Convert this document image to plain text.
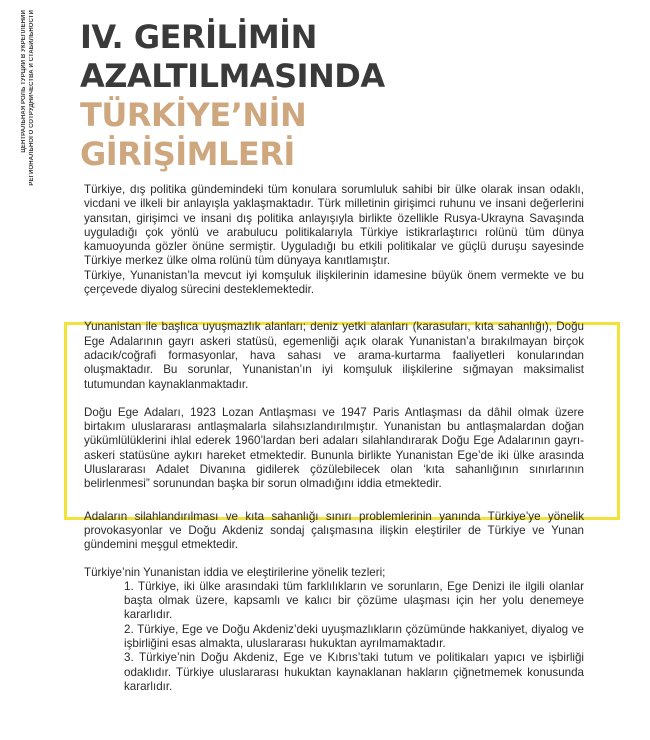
ЦЕНТРАЛЬНАЯ РОЛЬ ТУРЦИИ В УКРЕПЛЕНИИ РЕГИОНАЛЬНОГО СОТРУДНИЧЕСТВА И СТАБИЛЬНОСТИ IV. GERİLİMİN
AZALTILMASINDA
TÜRKİYE’NİN
GİRİŞİMLERİ

Türkiye, dış politika gündemindeki tüm konulara sorumluluk sahibi bir ülke olarak insan odaklı, vicdani ve ilkeli bir anlayışla yaklaşmaktadır. Türk milletinin girişimci ruhunu ve insani değerlerini yansıtan, girişimci ve insani dış politika anlayışıyla birlikte özellikle Rusya-Ukrayna Savaşında uyguladığı çok yönlü ve arabulucu politikalarıyla Türkiye istikrarlaştırıcı rolünü tüm dünya kamuoyunda gözler önüne sermiştir. Uyguladığı bu etkili politikalar ve güçlü duruşu sayesinde Türkiye merkez ülke olma rolünü tüm dünyaya kanıtlamıştır.

Türkiye, Yunanistan’la mevcut iyi komşuluk ilişkilerinin idamesine büyük önem vermekte ve bu çerçevede diyalog sürecini desteklemektedir.

Yunanistan ile başlıca uyuşmazlık alanları; deniz yetki alanları (karasuları, kıta sahanlığı), Doğu Ege Adalarının gayrı askeri statüsü, egemenliği açık olarak Yunanistan’a bırakılmayan birçok adacık/coğrafi formasyonlar, hava sahası ve arama-kurtarma faaliyetleri konularından oluşmaktadır. Bu sorunlar, Yunanistan’ın iyi komşuluk ilişkilerine sığmayan maksimalist tutumundan kaynaklanmaktadır.

Doğu Ege Adaları, 1923 Lozan Antlaşması ve 1947 Paris Antlaşması da dâhil olmak üzere birtakım uluslararası antlaşmalarla silahsızlandırılmıştır. Yunanistan bu antlaşmalardan doğan yükümlülüklerini ihlal ederek 1960’lardan beri adaları silahlandırarak Doğu Ege Adalarının gayrı-askeri statüsüne aykırı hareket etmektedir. Bununla birlikte Yunanistan Ege’de iki ülke arasında Uluslararası Adalet Divanına gidilerek çözülebilecek olan ‘kıta sahanlığının sınırlarının belirlenmesi” sorunundan başka bir sorun olmadığını iddia etmektedir.

Adaların silahlandırılması ve kıta sahanlığı sınırı problemlerinin yanında Türkiye’ye yönelik provokasyonlar ve Doğu Akdeniz sondaj çalışmasına ilişkin eleştiriler de Türkiye ve Yunan gündemini meşgul etmektedir.

Türkiye’nin Yunanistan iddia ve eleştirilerine yönelik tezleri;

1. Türkiye, iki ülke arasındaki tüm farklılıkların ve sorunların, Ege Denizi ile ilgili olanlar başta olmak üzere, kapsamlı ve kalıcı bir çözüme ulaşması için her yolu denemeye kararlıdır.
2. Türkiye, Ege ve Doğu Akdeniz’deki uyuşmazlıkların çözümünde hakkaniyet, diyalog ve işbirliğini esas almakta, uluslararası hukuktan ayrılmamaktadır.
3. Türkiye’nin Doğu Akdeniz, Ege ve Kıbrıs’taki tutum ve politikaları yapıcı ve işbirliği odaklıdır. Türkiye uluslararası hukuktan kaynaklanan hakların çiğnetmemek konusunda kararlıdır.
